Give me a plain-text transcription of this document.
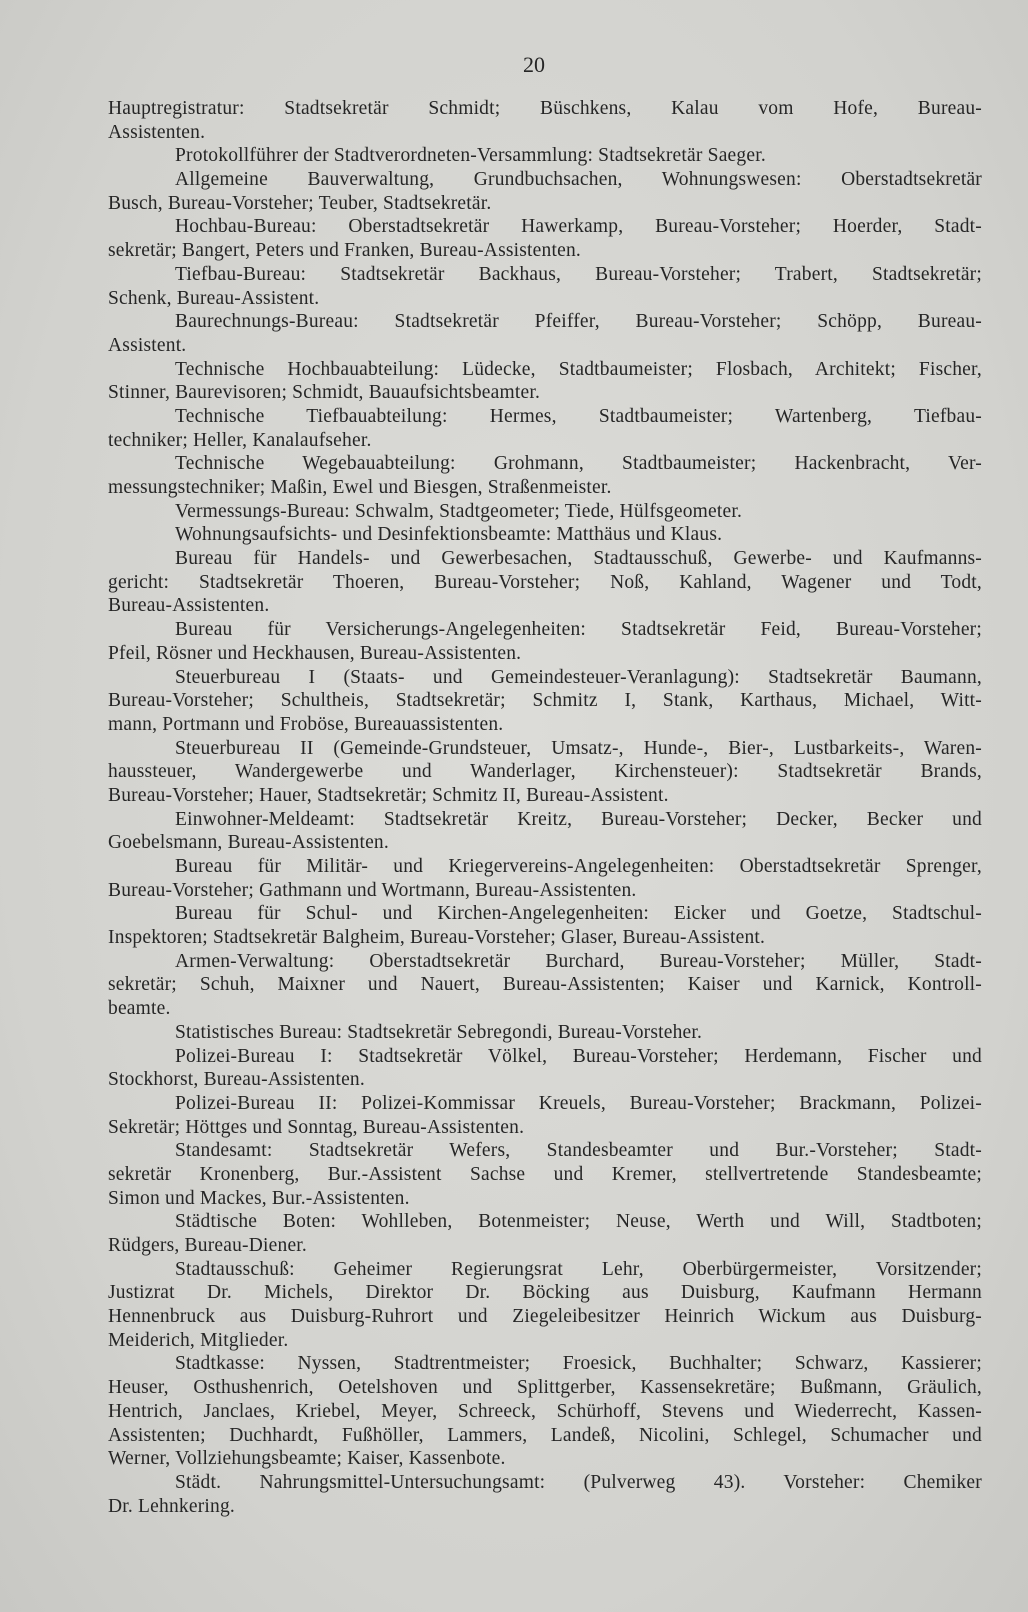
20
Hauptregistratur: Stadtsekretär Schmidt; Büschkens, Kalau vom Hofe, Bureau-
Assistenten.
Protokollführer der Stadtverordneten-Versammlung: Stadtsekretär Saeger.
Allgemeine Bauverwaltung, Grundbuchsachen, Wohnungswesen: Oberstadtsekretär
Busch, Bureau-Vorsteher; Teuber, Stadtsekretär.
Hochbau-Bureau: Oberstadtsekretär Hawerkamp, Bureau-Vorsteher; Hoerder, Stadt-
sekretär; Bangert, Peters und Franken, Bureau-Assistenten.
Tiefbau-Bureau: Stadtsekretär Backhaus, Bureau-Vorsteher; Trabert, Stadtsekretär;
Schenk, Bureau-Assistent.
Baurechnungs-Bureau: Stadtsekretär Pfeiffer, Bureau-Vorsteher; Schöpp, Bureau-
Assistent.
Technische Hochbauabteilung: Lüdecke, Stadtbaumeister; Flosbach, Architekt; Fischer,
Stinner, Baurevisoren; Schmidt, Bauaufsichtsbeamter.
Technische Tiefbauabteilung: Hermes, Stadtbaumeister; Wartenberg, Tiefbau-
techniker; Heller, Kanalaufseher.
Technische Wegebauabteilung: Grohmann, Stadtbaumeister; Hackenbracht, Ver-
messungstechniker; Maßin, Ewel und Biesgen, Straßenmeister.
Vermessungs-Bureau: Schwalm, Stadtgeometer; Tiede, Hülfsgeometer.
Wohnungsaufsichts- und Desinfektionsbeamte: Matthäus und Klaus.
Bureau für Handels- und Gewerbesachen, Stadtausschuß, Gewerbe- und Kaufmanns-
gericht: Stadtsekretär Thoeren, Bureau-Vorsteher; Noß, Kahland, Wagener und Todt,
Bureau-Assistenten.
Bureau für Versicherungs-Angelegenheiten: Stadtsekretär Feid, Bureau-Vorsteher;
Pfeil, Rösner und Heckhausen, Bureau-Assistenten.
Steuerbureau I (Staats- und Gemeindesteuer-Veranlagung): Stadtsekretär Baumann,
Bureau-Vorsteher; Schultheis, Stadtsekretär; Schmitz I, Stank, Karthaus, Michael, Witt-
mann, Portmann und Froböse, Bureauassistenten.
Steuerbureau II (Gemeinde-Grundsteuer, Umsatz-, Hunde-, Bier-, Lustbarkeits-, Waren-
haussteuer, Wandergewerbe und Wanderlager, Kirchensteuer): Stadtsekretär Brands,
Bureau-Vorsteher; Hauer, Stadtsekretär; Schmitz II, Bureau-Assistent.
Einwohner-Meldeamt: Stadtsekretär Kreitz, Bureau-Vorsteher; Decker, Becker und
Goebelsmann, Bureau-Assistenten.
Bureau für Militär- und Kriegervereins-Angelegenheiten: Oberstadtsekretär Sprenger,
Bureau-Vorsteher; Gathmann und Wortmann, Bureau-Assistenten.
Bureau für Schul- und Kirchen-Angelegenheiten: Eicker und Goetze, Stadtschul-
Inspektoren; Stadtsekretär Balgheim, Bureau-Vorsteher; Glaser, Bureau-Assistent.
Armen-Verwaltung: Oberstadtsekretär Burchard, Bureau-Vorsteher; Müller, Stadt-
sekretär; Schuh, Maixner und Nauert, Bureau-Assistenten; Kaiser und Karnick, Kontroll-
beamte.
Statistisches Bureau: Stadtsekretär Sebregondi, Bureau-Vorsteher.
Polizei-Bureau I: Stadtsekretär Völkel, Bureau-Vorsteher; Herdemann, Fischer und
Stockhorst, Bureau-Assistenten.
Polizei-Bureau II: Polizei-Kommissar Kreuels, Bureau-Vorsteher; Brackmann, Polizei-
Sekretär; Höttges und Sonntag, Bureau-Assistenten.
Standesamt: Stadtsekretär Wefers, Standesbeamter und Bur.-Vorsteher; Stadt-
sekretär Kronenberg, Bur.-Assistent Sachse und Kremer, stellvertretende Standesbeamte;
Simon und Mackes, Bur.-Assistenten.
Städtische Boten: Wohlleben, Botenmeister; Neuse, Werth und Will, Stadtboten;
Rüdgers, Bureau-Diener.
Stadtausschuß: Geheimer Regierungsrat Lehr, Oberbürgermeister, Vorsitzender;
Justizrat Dr. Michels, Direktor Dr. Böcking aus Duisburg, Kaufmann Hermann
Hennenbruck aus Duisburg-Ruhrort und Ziegeleibesitzer Heinrich Wickum aus Duisburg-
Meiderich, Mitglieder.
Stadtkasse: Nyssen, Stadtrentmeister; Froesick, Buchhalter; Schwarz, Kassierer;
Heuser, Osthushenrich, Oetelshoven und Splittgerber, Kassensekretäre; Bußmann, Gräulich,
Hentrich, Janclaes, Kriebel, Meyer, Schreeck, Schürhoff, Stevens und Wiederrecht, Kassen-
Assistenten; Duchhardt, Fußhöller, Lammers, Landeß, Nicolini, Schlegel, Schumacher und
Werner, Vollziehungsbeamte; Kaiser, Kassenbote.
Städt. Nahrungsmittel-Untersuchungsamt: (Pulverweg 43). Vorsteher: Chemiker
Dr. Lehnkering.
